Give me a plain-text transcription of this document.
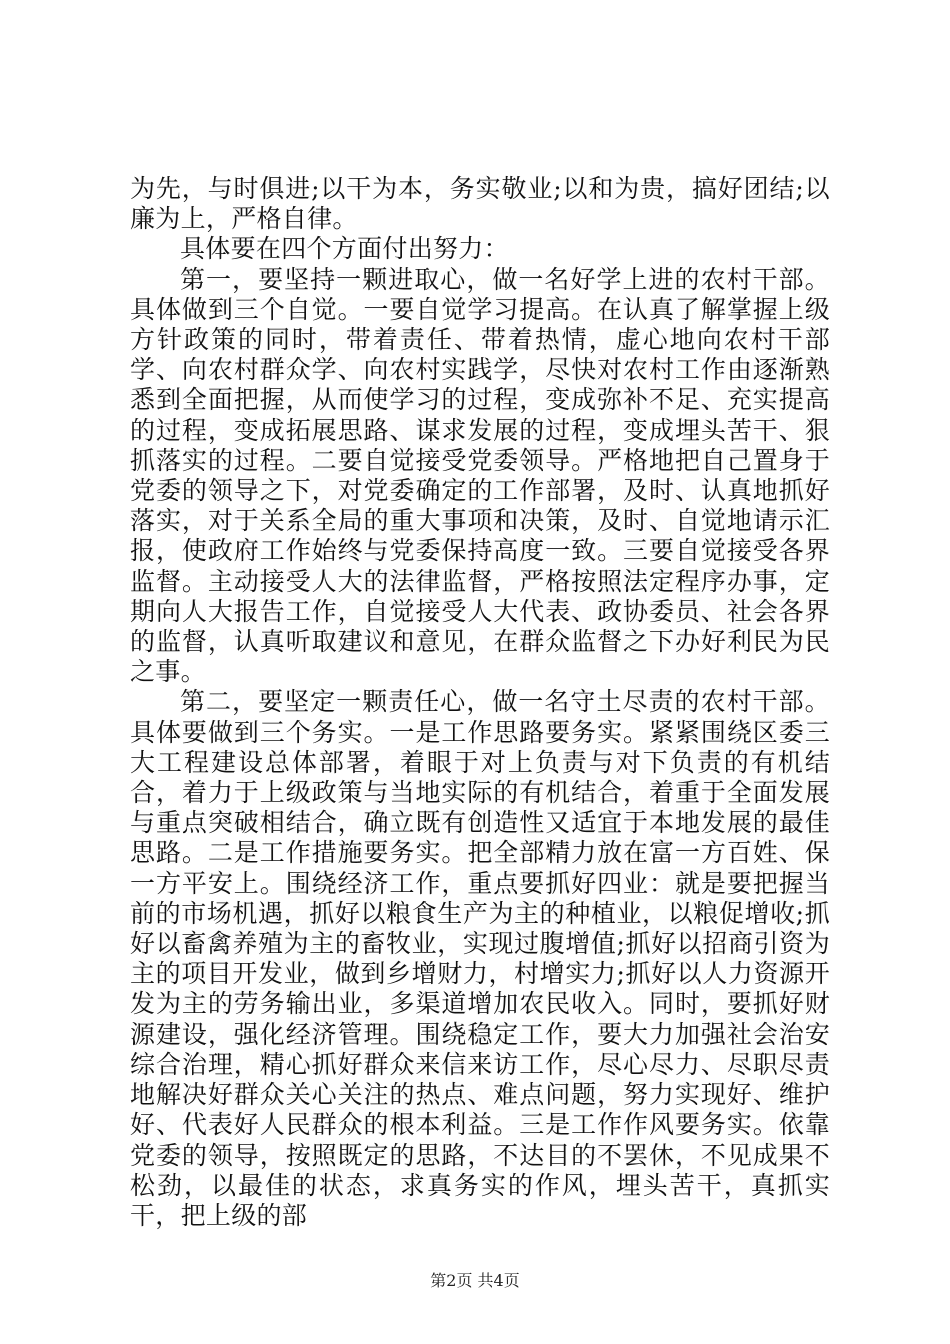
为先，与时俱进;以干为本，务实敬业;以和为贵，搞好团结;以廉为上，严格自律。

具体要在四个方面付出努力：

第一，要坚持一颗进取心，做一名好学上进的农村干部。具体做到三个自觉。一要自觉学习提高。在认真了解掌握上级方针政策的同时，带着责任、带着热情，虚心地向农村干部学、向农村群众学、向农村实践学，尽快对农村工作由逐渐熟悉到全面把握，从而使学习的过程，变成弥补不足、充实提高的过程，变成拓展思路、谋求发展的过程，变成埋头苦干、狠抓落实的过程。二要自觉接受党委领导。严格地把自己置身于党委的领导之下，对党委确定的工作部署，及时、认真地抓好落实，对于关系全局的重大事项和决策，及时、自觉地请示汇报，使政府工作始终与党委保持高度一致。三要自觉接受各界监督。主动接受人大的法律监督，严格按照法定程序办事，定期向人大报告工作，自觉接受人大代表、政协委员、社会各界的监督，认真听取建议和意见，在群众监督之下办好利民为民之事。

第二，要坚定一颗责任心，做一名守土尽责的农村干部。具体要做到三个务实。一是工作思路要务实。紧紧围绕区委三大工程建设总体部署，着眼于对上负责与对下负责的有机结合，着力于上级政策与当地实际的有机结合，着重于全面发展与重点突破相结合，确立既有创造性又适宜于本地发展的最佳思路。二是工作措施要务实。把全部精力放在富一方百姓、保一方平安上。围绕经济工作，重点要抓好四业：就是要把握当前的市场机遇，抓好以粮食生产为主的种植业，以粮促增收;抓好以畜禽养殖为主的畜牧业，实现过腹增值;抓好以招商引资为主的项目开发业，做到乡增财力，村增实力;抓好以人力资源开发为主的劳务输出业，多渠道增加农民收入。同时，要抓好财源建设，强化经济管理。围绕稳定工作，要大力加强社会治安综合治理，精心抓好群众来信来访工作，尽心尽力、尽职尽责地解决好群众关心关注的热点、难点问题，努力实现好、维护好、代表好人民群众的根本利益。三是工作作风要务实。依靠党委的领导，按照既定的思路，不达目的不罢休，不见成果不松劲，以最佳的状态，求真务实的作风，埋头苦干，真抓实干，把上级的部

第2页 共4页
